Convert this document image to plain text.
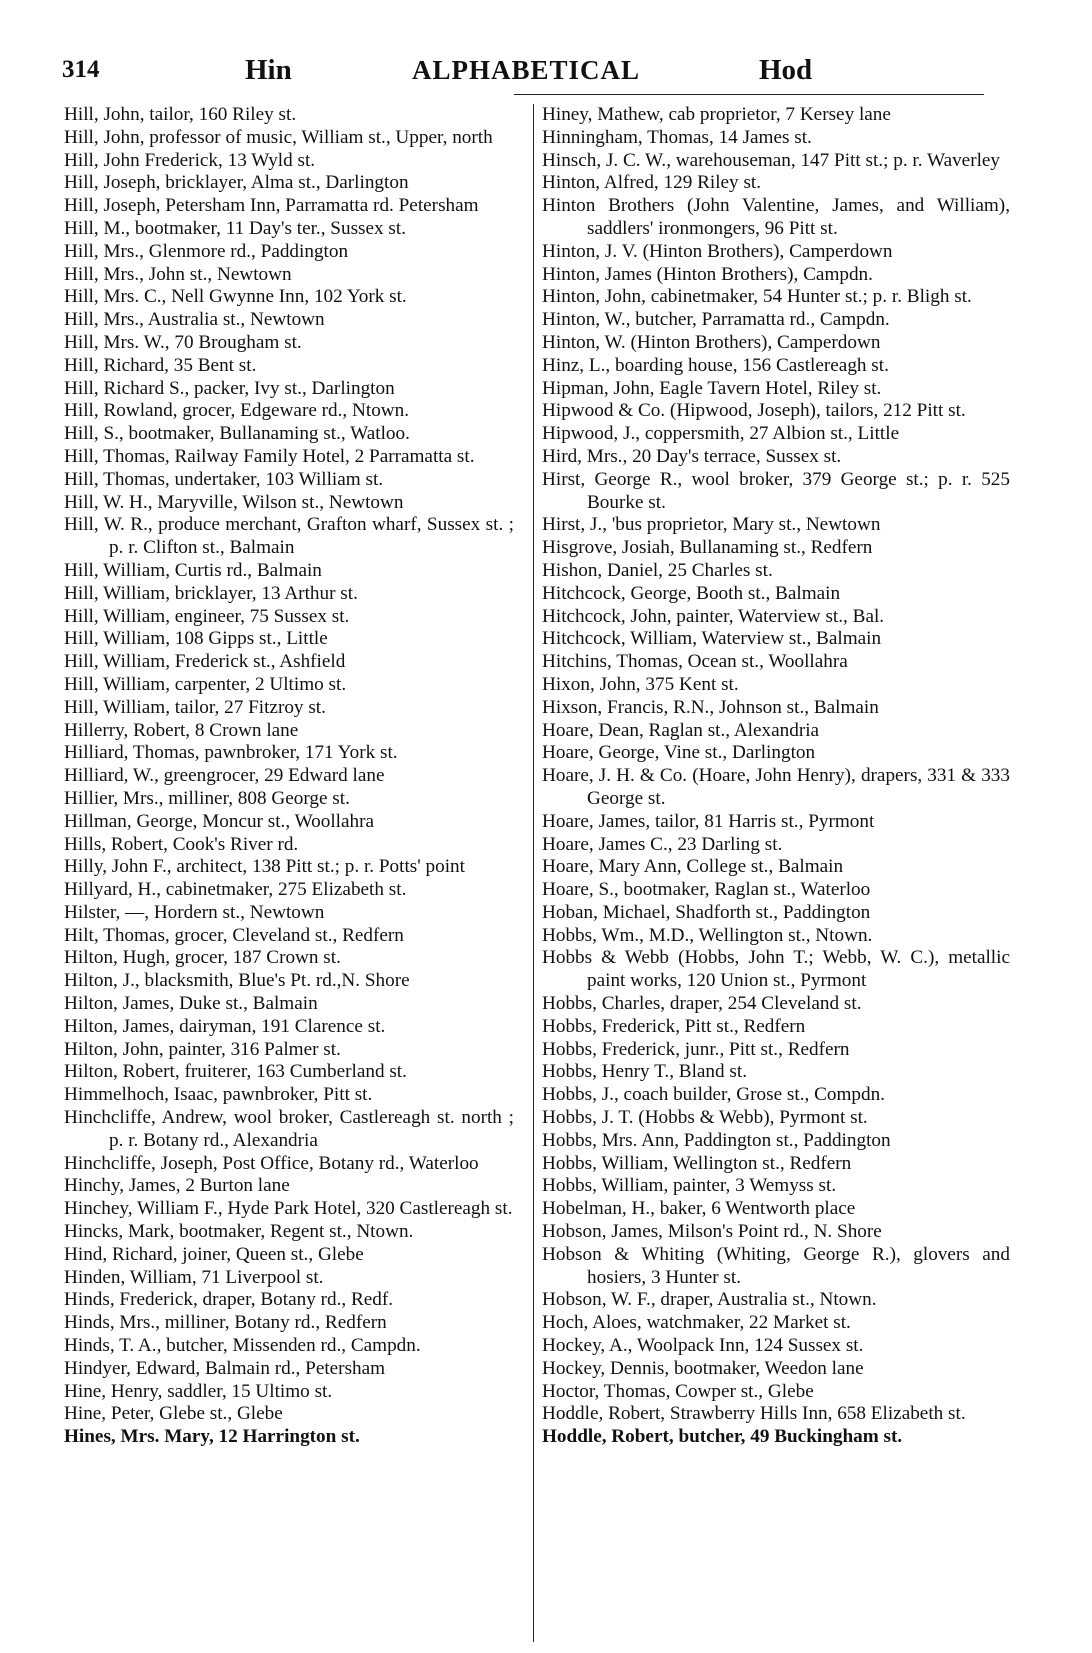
314	Hin	ALPHABETICAL	Hod
Hill, John, tailor, 160 Riley st.
Hill, John, professor of music, William st., Upper, north
Hill, John Frederick, 13 Wyld st.
Hill, Joseph, bricklayer, Alma st., Darlington
Hill, Joseph, Petersham Inn, Parramatta rd. Petersham
Hill, M., bootmaker, 11 Day's ter., Sussex st.
Hill, Mrs., Glenmore rd., Paddington
Hill, Mrs., John st., Newtown
Hill, Mrs. C., Nell Gwynne Inn, 102 York st.
Hill, Mrs., Australia st., Newtown
Hill, Mrs. W., 70 Brougham st.
Hill, Richard, 35 Bent st.
Hill, Richard S., packer, Ivy st., Darlington
Hill, Rowland, grocer, Edgeware rd., Ntown.
Hill, S., bootmaker, Bullanaming st., Watloo.
Hill, Thomas, Railway Family Hotel, 2 Parramatta st.
Hill, Thomas, undertaker, 103 William st.
Hill, W. H., Maryville, Wilson st., Newtown
Hill, W. R., produce merchant, Grafton wharf, Sussex st. ; p. r. Clifton st., Balmain
Hill, William, Curtis rd., Balmain
Hill, William, bricklayer, 13 Arthur st.
Hill, William, engineer, 75 Sussex st.
Hill, William, 108 Gipps st., Little
Hill, William, Frederick st., Ashfield
Hill, William, carpenter, 2 Ultimo st.
Hill, William, tailor, 27 Fitzroy st.
Hillerry, Robert, 8 Crown lane
Hilliard, Thomas, pawnbroker, 171 York st.
Hilliard, W., greengrocer, 29 Edward lane
Hillier, Mrs., milliner, 808 George st.
Hillman, George, Moncur st., Woollahra
Hills, Robert, Cook's River rd.
Hilly, John F., architect, 138 Pitt st.; p. r. Potts' point
Hillyard, H., cabinetmaker, 275 Elizabeth st.
Hilster, —, Hordern st., Newtown
Hilt, Thomas, grocer, Cleveland st., Redfern
Hilton, Hugh, grocer, 187 Crown st.
Hilton, J., blacksmith, Blue's Pt. rd.,N. Shore
Hilton, James, Duke st., Balmain
Hilton, James, dairyman, 191 Clarence st.
Hilton, John, painter, 316 Palmer st.
Hilton, Robert, fruiterer, 163 Cumberland st.
Himmelhoch, Isaac, pawnbroker, Pitt st.
Hinchcliffe, Andrew, wool broker, Castlereagh st. north ; p. r. Botany rd., Alexandria
Hinchcliffe, Joseph, Post Office, Botany rd., Waterloo
Hinchy, James, 2 Burton lane
Hinchey, William F., Hyde Park Hotel, 320 Castlereagh st.
Hincks, Mark, bootmaker, Regent st., Ntown.
Hind, Richard, joiner, Queen st., Glebe
Hinden, William, 71 Liverpool st.
Hinds, Frederick, draper, Botany rd., Redf.
Hinds, Mrs., milliner, Botany rd., Redfern
Hinds, T. A., butcher, Missenden rd., Campdn.
Hindyer, Edward, Balmain rd., Petersham
Hine, Henry, saddler, 15 Ultimo st.
Hine, Peter, Glebe st., Glebe
Hines, Mrs. Mary, 12 Harrington st.
Hiney, Mathew, cab proprietor, 7 Kersey lane
Hinningham, Thomas, 14 James st.
Hinsch, J. C. W., warehouseman, 147 Pitt st.; p. r. Waverley
Hinton, Alfred, 129 Riley st.
Hinton Brothers (John Valentine, James, and William), saddlers' ironmongers, 96 Pitt st.
Hinton, J. V. (Hinton Brothers), Camperdown
Hinton, James (Hinton Brothers), Campdn.
Hinton, John, cabinetmaker, 54 Hunter st.; p. r. Bligh st.
Hinton, W., butcher, Parramatta rd., Campdn.
Hinton, W. (Hinton Brothers), Camperdown
Hinz, L., boarding house, 156 Castlereagh st.
Hipman, John, Eagle Tavern Hotel, Riley st.
Hipwood & Co. (Hipwood, Joseph), tailors, 212 Pitt st.
Hipwood, J., coppersmith, 27 Albion st., Little
Hird, Mrs., 20 Day's terrace, Sussex st.
Hirst, George R., wool broker, 379 George st.; p. r. 525 Bourke st.
Hirst, J., 'bus proprietor, Mary st., Newtown
Hisgrove, Josiah, Bullanaming st., Redfern
Hishon, Daniel, 25 Charles st.
Hitchcock, George, Booth st., Balmain
Hitchcock, John, painter, Waterview st., Bal.
Hitchcock, William, Waterview st., Balmain
Hitchins, Thomas, Ocean st., Woollahra
Hixon, John, 375 Kent st.
Hixson, Francis, R.N., Johnson st., Balmain
Hoare, Dean, Raglan st., Alexandria
Hoare, George, Vine st., Darlington
Hoare, J. H. & Co. (Hoare, John Henry), drapers, 331 & 333 George st.
Hoare, James, tailor, 81 Harris st., Pyrmont
Hoare, James C., 23 Darling st.
Hoare, Mary Ann, College st., Balmain
Hoare, S., bootmaker, Raglan st., Waterloo
Hoban, Michael, Shadforth st., Paddington
Hobbs, Wm., M.D., Wellington st., Ntown.
Hobbs & Webb (Hobbs, John T.; Webb, W. C.), metallic paint works, 120 Union st., Pyrmont
Hobbs, Charles, draper, 254 Cleveland st.
Hobbs, Frederick, Pitt st., Redfern
Hobbs, Frederick, junr., Pitt st., Redfern
Hobbs, Henry T., Bland st.
Hobbs, J., coach builder, Grose st., Compdn.
Hobbs, J. T. (Hobbs & Webb), Pyrmont st.
Hobbs, Mrs. Ann, Paddington st., Paddington
Hobbs, William, Wellington st., Redfern
Hobbs, William, painter, 3 Wemyss st.
Hobelman, H., baker, 6 Wentworth place
Hobson, James, Milson's Point rd., N. Shore
Hobson & Whiting (Whiting, George R.), glovers and hosiers, 3 Hunter st.
Hobson, W. F., draper, Australia st., Ntown.
Hoch, Aloes, watchmaker, 22 Market st.
Hockey, A., Woolpack Inn, 124 Sussex st.
Hockey, Dennis, bootmaker, Weedon lane
Hoctor, Thomas, Cowper st., Glebe
Hoddle, Robert, Strawberry Hills Inn, 658 Elizabeth st.
Hoddle, Robert, butcher, 49 Buckingham st.
